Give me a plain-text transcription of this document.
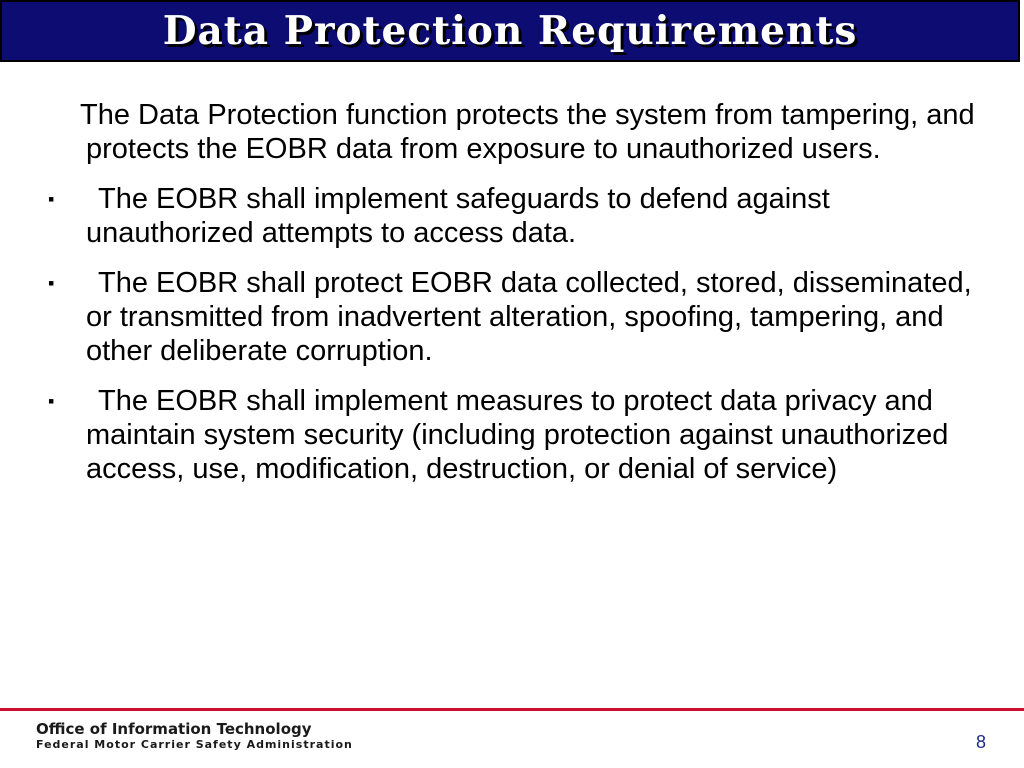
Data Protection Requirements

The Data Protection function protects the system from tampering, and protects the EOBR data from exposure to unauthorized users.

▪	The EOBR shall implement safeguards to defend against unauthorized attempts to access data.
▪	The EOBR shall protect EOBR data collected, stored, disseminated, or transmitted from inadvertent alteration, spoofing, tampering, and other deliberate corruption.
▪	The EOBR shall implement measures to protect data privacy and maintain system security (including protection against unauthorized access, use, modification, destruction, or denial of service)
Office of Information Technology
Federal Motor Carrier Safety Administration	8
